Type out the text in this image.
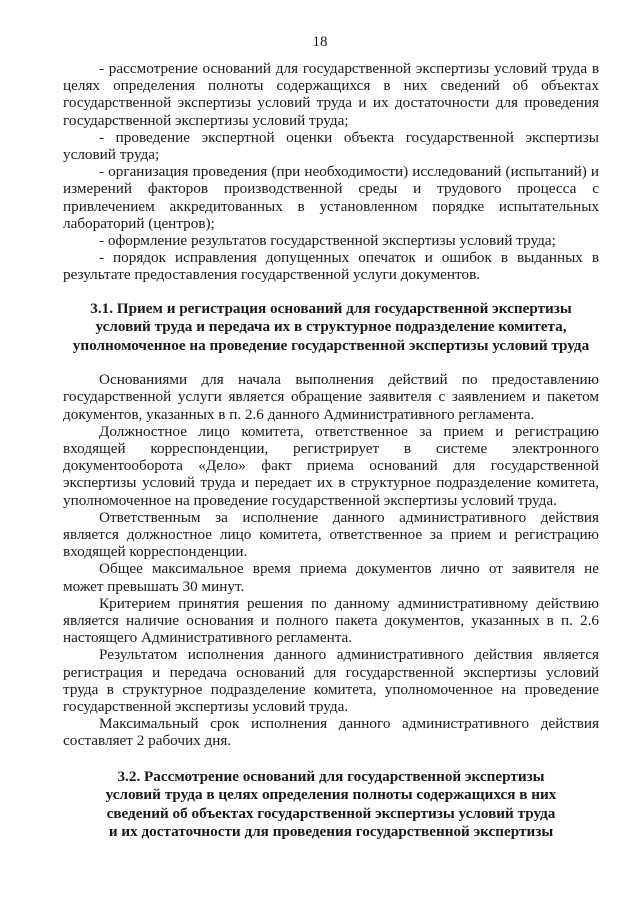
18

- рассмотрение оснований для государственной экспертизы условий труда в целях определения полноты содержащихся в них сведений об объектах государственной экспертизы условий труда и их достаточности для проведения государственной экспертизы условий труда;

- проведение экспертной оценки объекта государственной экспертизы условий труда;

- организация проведения (при необходимости) исследований (испытаний) и измерений факторов производственной среды и трудового процесса с привлечением аккредитованных в установленном порядке испытательных лабораторий (центров);

- оформление результатов государственной экспертизы условий труда;

- порядок исправления допущенных опечаток и ошибок в выданных в результате предоставления государственной услуги документов.

3.1. Прием и регистрация оснований для государственной экспертизы

условий труда и передача их в структурное подразделение комитета,

уполномоченное на проведение государственной экспертизы условий труда

Основаниями для начала выполнения действий по предоставлению государственной услуги является обращение заявителя с заявлением и пакетом документов, указанных в п. 2.6 данного Административного регламента.

Должностное лицо комитета, ответственное за прием и регистрацию входящей корреспонденции, регистрирует в системе электронного документооборота «Дело» факт приема оснований для государственной экспертизы условий труда и передает их в структурное подразделение комитета, уполномоченное на проведение государственной экспертизы условий труда.

Ответственным за исполнение данного административного действия является должностное лицо комитета, ответственное за прием и регистрацию входящей корреспонденции.

Общее максимальное время приема документов лично от заявителя не может превышать 30 минут.

Критерием принятия решения по данному административному действию является наличие основания и полного пакета документов, указанных в п. 2.6 настоящего Административного регламента.

Результатом исполнения данного административного действия является регистрация и передача оснований для государственной экспертизы условий труда в структурное подразделение комитета, уполномоченное на проведение государственной экспертизы условий труда.

Максимальный срок исполнения данного административного действия составляет 2 рабочих дня.

3.2. Рассмотрение оснований для государственной экспертизы

условий труда в целях определения полноты содержащихся в них

сведений об объектах государственной экспертизы условий труда

и их достаточности для проведения государственной экспертизы
